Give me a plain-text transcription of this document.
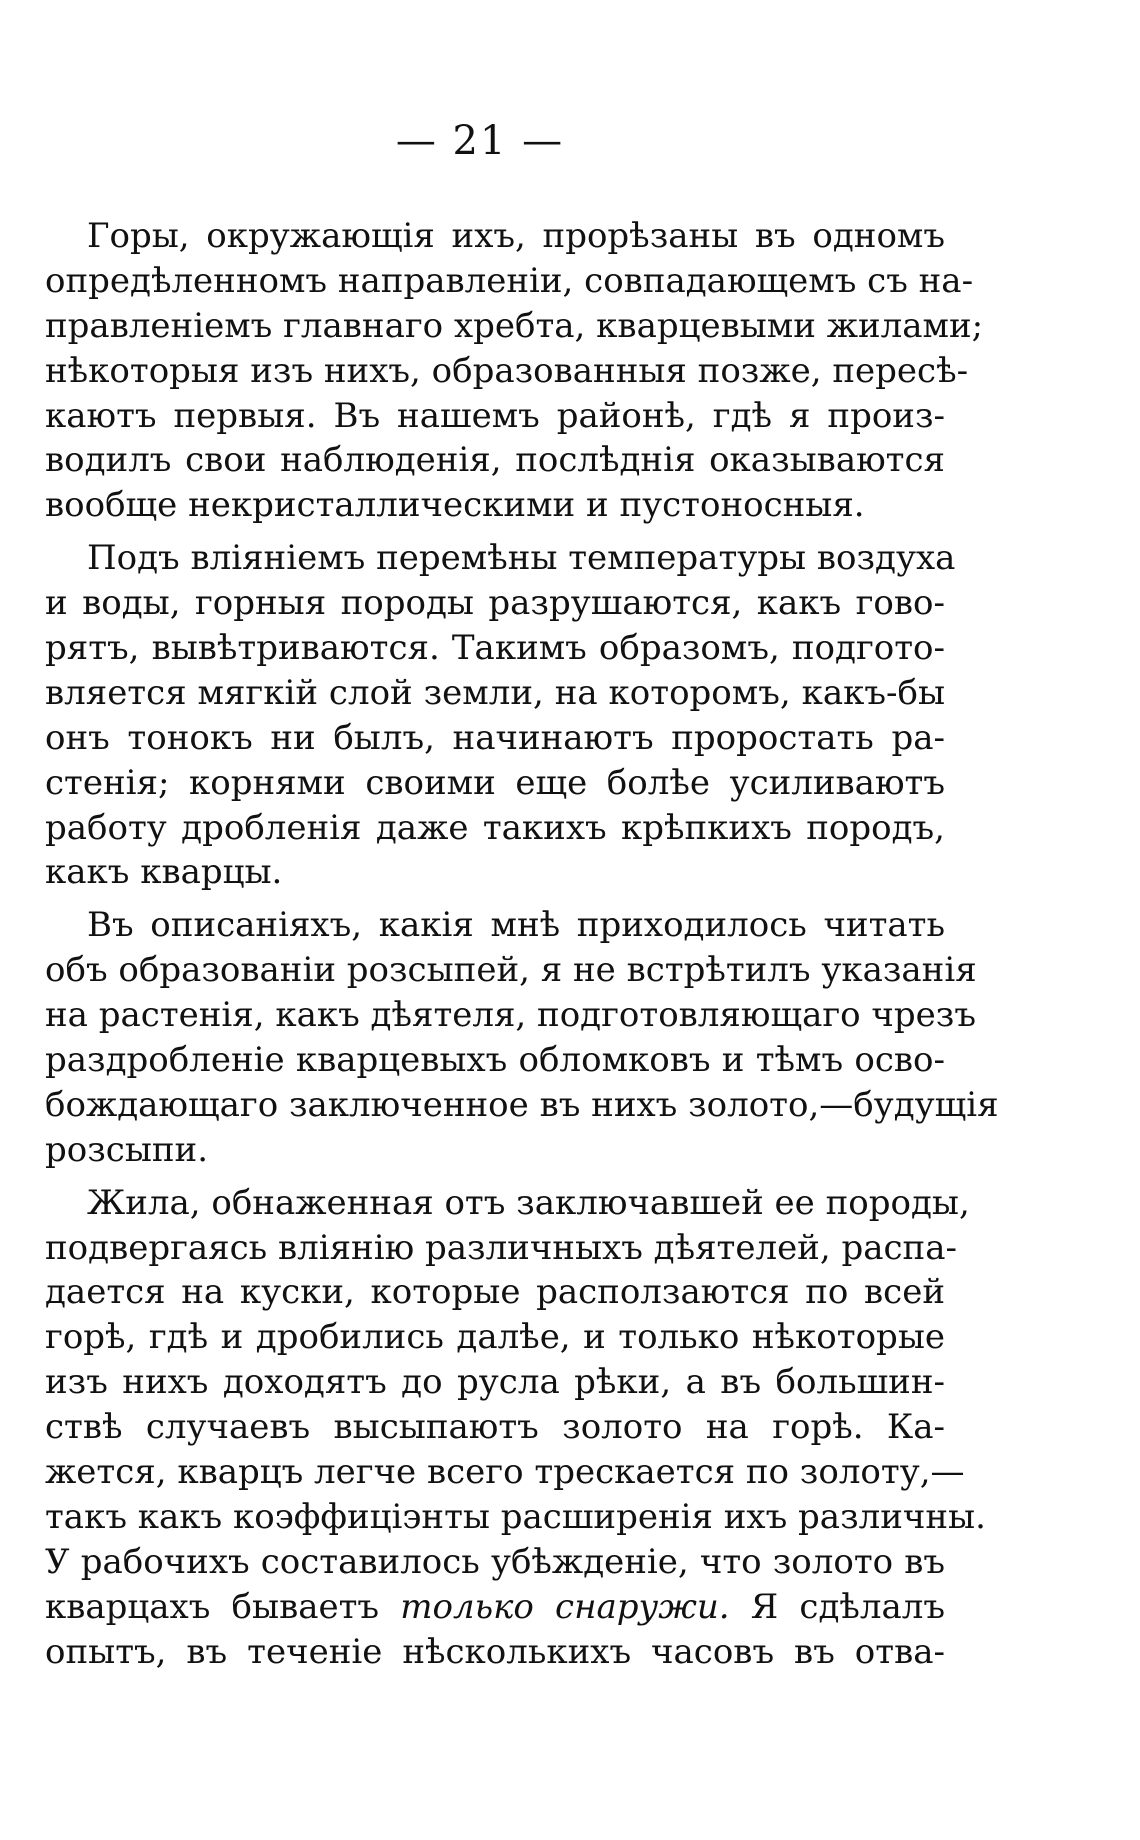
— 21 —
Горы, окружающія ихъ, прорѣзаны въ одномъ
опредѣленномъ направленіи, совпадающемъ съ на-
правленіемъ главнаго хребта, кварцевыми жилами;
нѣкоторыя изъ нихъ, образованныя позже, пересѣ-
каютъ первыя. Въ нашемъ районѣ, гдѣ я произ-
водилъ свои наблюденія, послѣднія оказываются
вообще некристаллическими и пустоносныя.
Подъ вліяніемъ перемѣны температуры воздуха
и воды, горныя породы разрушаются, какъ гово-
рятъ, вывѣтриваются. Такимъ образомъ, подгото-
вляется мягкій слой земли, на которомъ, какъ-бы
онъ тонокъ ни былъ, начинаютъ проростать ра-
стенія; корнями своими еще болѣе усиливаютъ
работу дробленія даже такихъ крѣпкихъ породъ,
какъ кварцы.
Въ описаніяхъ, какія мнѣ приходилось читать
объ образованіи розсыпей, я не встрѣтилъ указанія
на растенія, какъ дѣятеля, подготовляющаго чрезъ
раздробленіе кварцевыхъ обломковъ и тѣмъ осво-
бождающаго заключенное въ нихъ золото,—будущія
розсыпи.
Жила, обнаженная отъ заключавшей ее породы,
подвергаясь вліянію различныхъ дѣятелей, распа-
дается на куски, которые расползаются по всей
горѣ, гдѣ и дробились далѣе, и только нѣкоторые
изъ нихъ доходятъ до русла рѣки, а въ большин-
ствѣ случаевъ высыпаютъ золото на горѣ. Ка-
жется, кварцъ легче всего трескается по золоту,—
такъ какъ коэффиціэнты расширенія ихъ различны.
У рабочихъ составилось убѣжденіе, что золото въ
кварцахъ бываетъ только снаружи. Я сдѣлалъ
опытъ, въ теченіе нѣсколькихъ часовъ въ отва-
